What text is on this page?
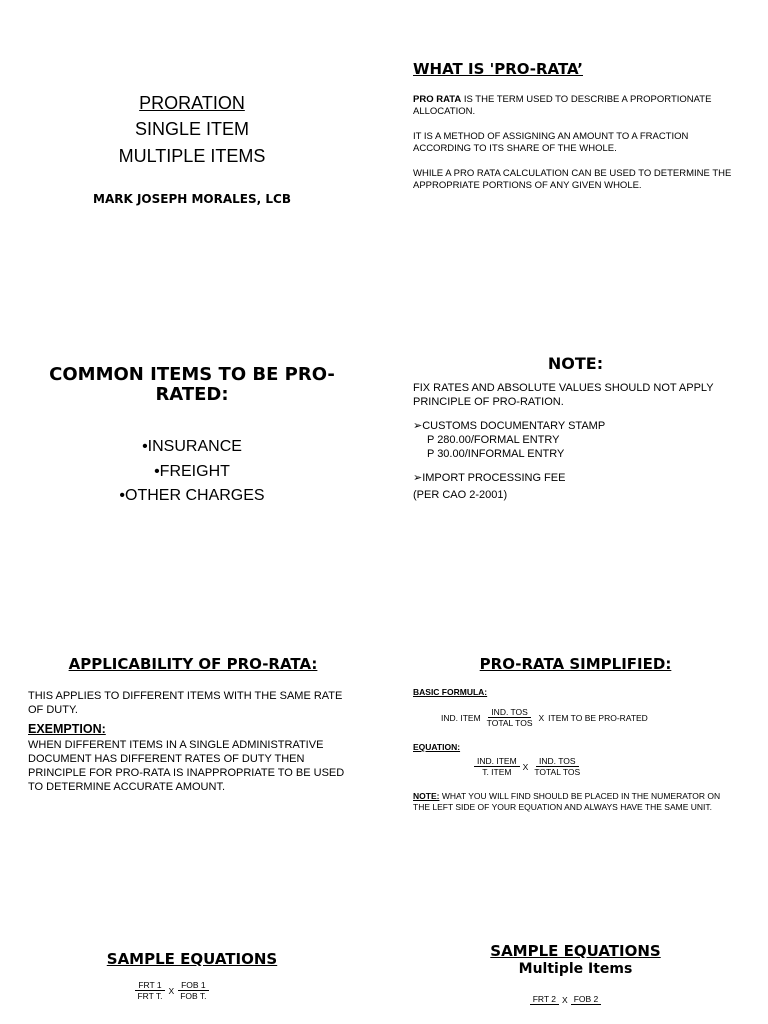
PRORATION
SINGLE ITEM
MULTIPLE ITEMS
MARK JOSEPH MORALES, LCB
WHAT IS 'PRO-RATA’

PRO RATA IS THE TERM USED TO DESCRIBE A PROPORTIONATE ALLOCATION.

IT IS A METHOD OF ASSIGNING AN AMOUNT TO A FRACTION ACCORDING TO ITS SHARE OF THE WHOLE.

WHILE A PRO RATA CALCULATION CAN BE USED TO DETERMINE THE APPROPRIATE PORTIONS OF ANY GIVEN WHOLE.

COMMON ITEMS TO BE PRO-RATED:
•INSURANCE
•FREIGHT
•OTHER CHARGES
NOTE:
FIX RATES AND ABSOLUTE VALUES SHOULD NOT APPLY PRINCIPLE OF PRO-RATION.
➢CUSTOMS DOCUMENTARY STAMP
P 280.00/FORMAL ENTRY
P 30.00/INFORMAL ENTRY
➢IMPORT PROCESSING FEE
(PER CAO 2-2001)
APPLICABILITY OF PRO-RATA:
THIS APPLIES TO DIFFERENT ITEMS WITH THE SAME RATE OF DUTY.
EXEMPTION:
WHEN DIFFERENT ITEMS IN A SINGLE ADMINISTRATIVE DOCUMENT HAS DIFFERENT RATES OF DUTY THEN PRINCIPLE FOR PRO-RATA IS INAPPROPRIATE TO BE USED TO DETERMINE ACCURATE AMOUNT.
PRO-RATA SIMPLIFIED:
BASIC FORMULA:
IND. ITEM $\frac{\text{IND. TOS}}{\text{TOTAL TOS}}$ X ITEM TO BE PRO-RATED
EQUATION:
$\frac{\text{IND. ITEM}}{\text{T. ITEM}}$ X $\frac{\text{IND. TOS}}{\text{TOTAL TOS}}$
NOTE: WHAT YOU WILL FIND SHOULD BE PLACED IN THE NUMERATOR ON THE LEFT SIDE OF YOUR EQUATION AND ALWAYS HAVE THE SAME UNIT.
SAMPLE EQUATIONS
$\frac{\text{FRT 1}}{\text{FRT T.}}$ X $\frac{\text{FOB 1}}{\text{FOB T.}}$
SAMPLE EQUATIONS
Multiple Items
FRT 2 X FOB 2
